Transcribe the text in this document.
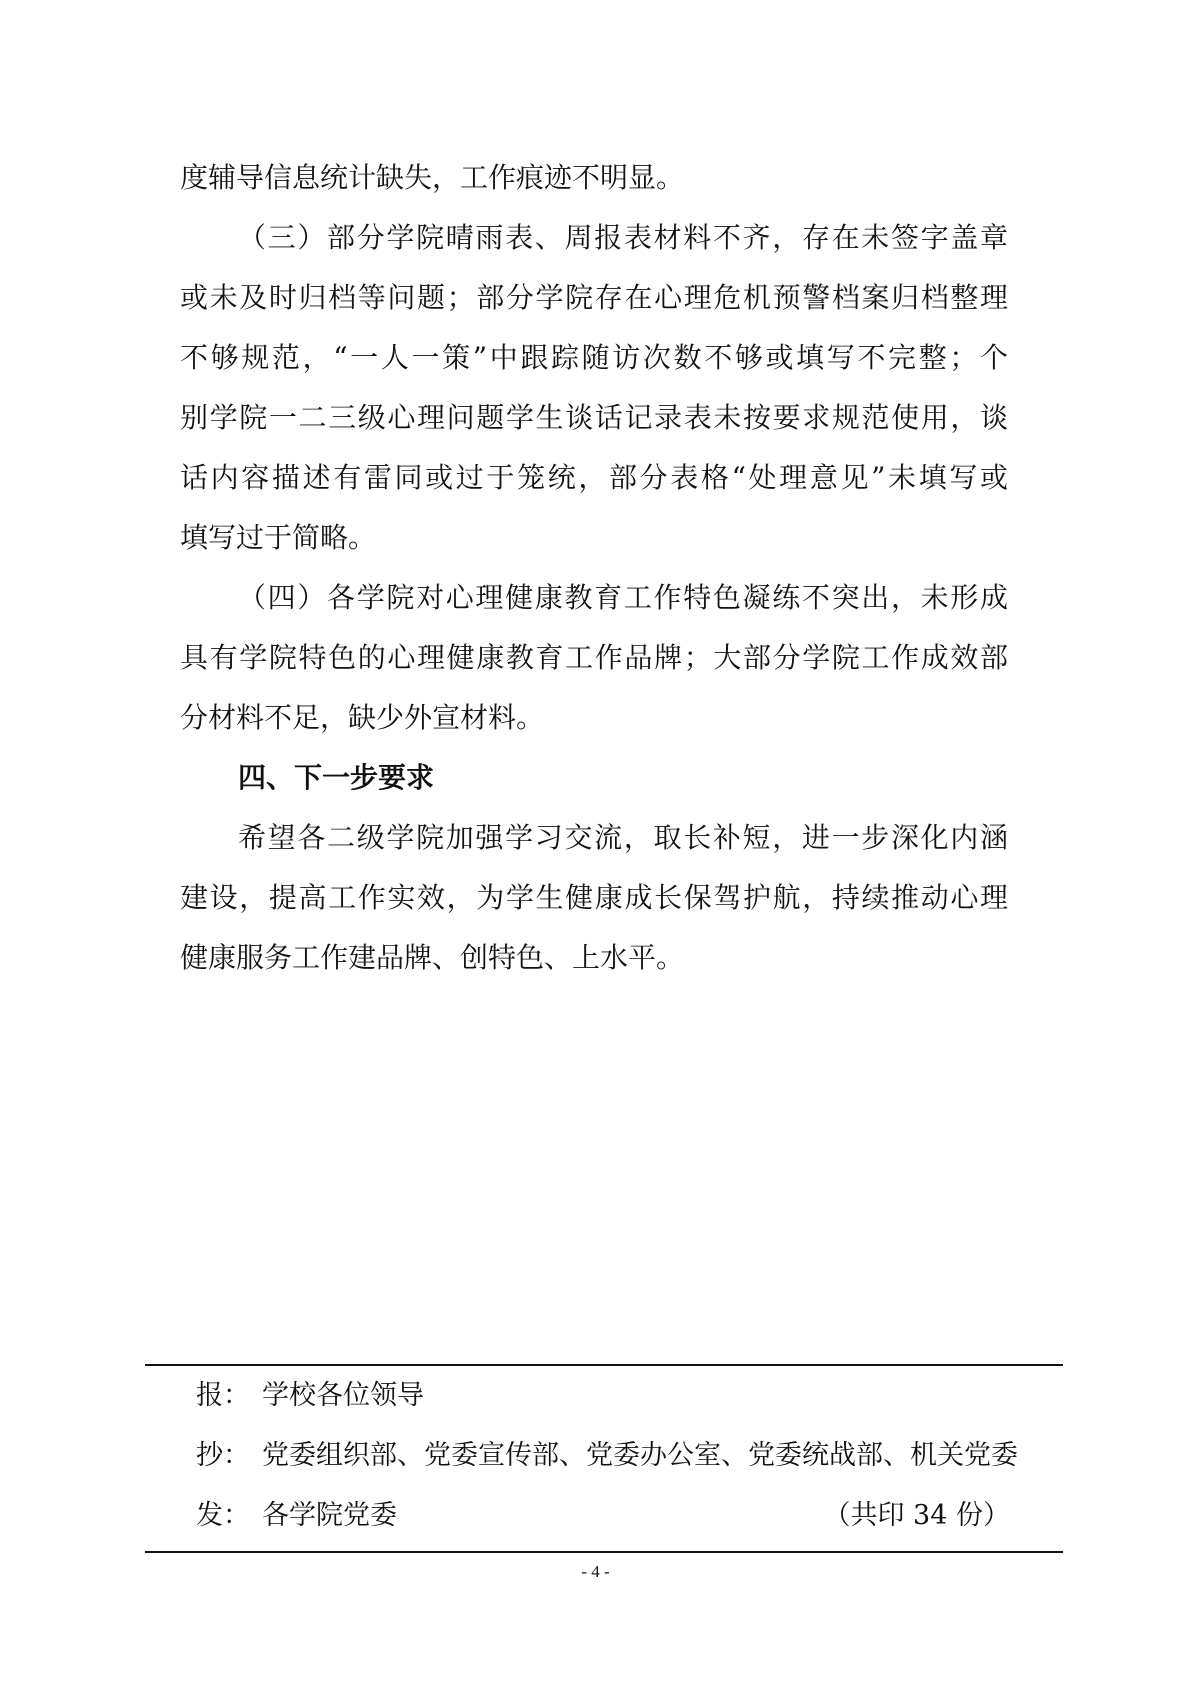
度辅导信息统计缺失，工作痕迹不明显。
（三）部分学院晴雨表、周报表材料不齐，存在未签字盖章
或未及时归档等问题；部分学院存在心理危机预警档案归档整理
不够规范，“一人一策”中跟踪随访次数不够或填写不完整；个
别学院一二三级心理问题学生谈话记录表未按要求规范使用，谈
话内容描述有雷同或过于笼统，部分表格“处理意见”未填写或
填写过于简略。
（四）各学院对心理健康教育工作特色凝练不突出，未形成
具有学院特色的心理健康教育工作品牌；大部分学院工作成效部
分材料不足，缺少外宣材料。
四、下一步要求
希望各二级学院加强学习交流，取长补短，进一步深化内涵
建设，提高工作实效，为学生健康成长保驾护航，持续推动心理
健康服务工作建品牌、创特色、上水平。
报： 学校各位领导
抄： 党委组织部、党委宣传部、党委办公室、党委统战部、机关党委
发： 各学院党委	（共印 34 份）
- 4 -
